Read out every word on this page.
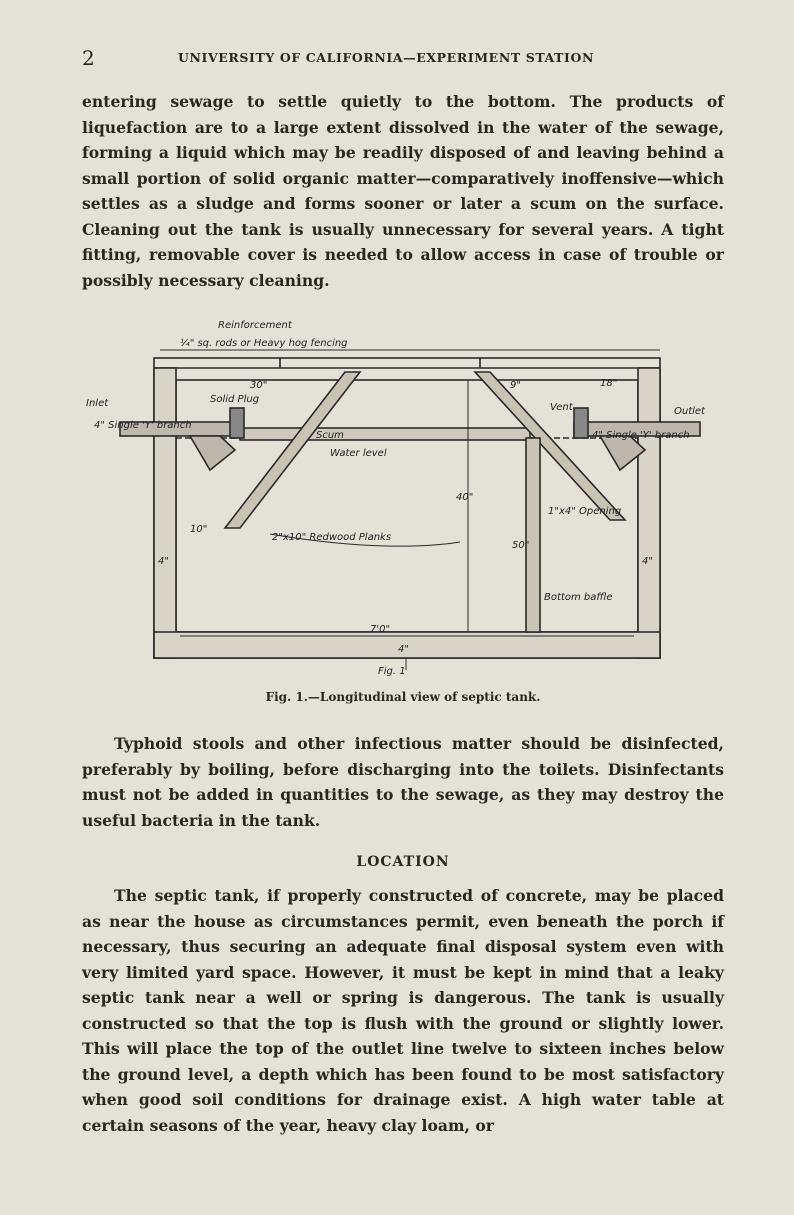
2	UNIVERSITY OF CALIFORNIA—EXPERIMENT STATION

entering sewage to settle quietly to the bottom. The products of liquefaction are to a large extent dissolved in the water of the sewage, forming a liquid which may be readily disposed of and leaving behind a small portion of solid organic matter—comparatively inoffensive—which settles as a sludge and forms sooner or later a scum on the surface. Cleaning out the tank is usually unnecessary for several years. A tight fitting, removable cover is needed to allow access in case of trouble or possibly necessary cleaning.

Reinforcement
¼" sq. rods or Heavy hog fencing
Inlet
4" Single 'Y' branch
Solid Plug
30"
Scum
Water level
9"	18"
Vent	Outlet
4" Single 'Y' branch
40"
50"
1"x4" Opening
10"
2"x10" Redwood Planks
4"	4"
4"
Bottom baffle
7'0"
Fig. 1
Fig. 1.—Longitudinal view of septic tank.

Typhoid stools and other infectious matter should be disinfected, preferably by boiling, before discharging into the toilets. Disinfectants must not be added in quantities to the sewage, as they may destroy the useful bacteria in the tank.

LOCATION

The septic tank, if properly constructed of concrete, may be placed as near the house as circumstances permit, even beneath the porch if necessary, thus securing an adequate final disposal system even with very limited yard space. However, it must be kept in mind that a leaky septic tank near a well or spring is dangerous. The tank is usually constructed so that the top is flush with the ground or slightly lower. This will place the top of the outlet line twelve to sixteen inches below the ground level, a depth which has been found to be most satisfactory when good soil conditions for drainage exist. A high water table at certain seasons of the year, heavy clay loam, or
